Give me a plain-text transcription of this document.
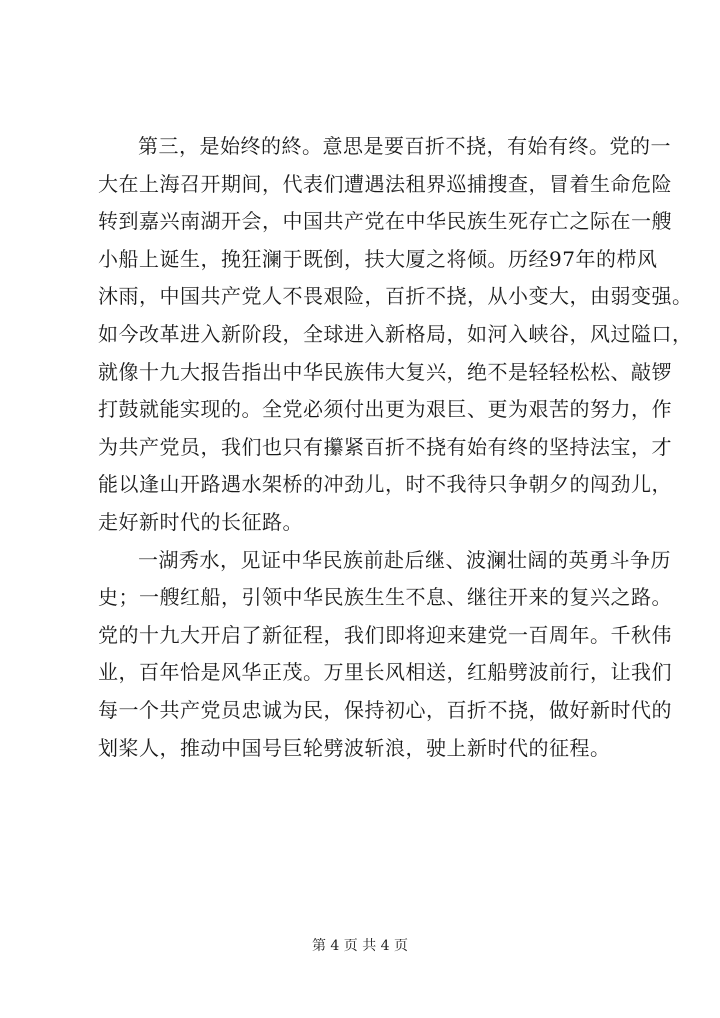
第三，是始终的終。意思是要百折不挠，有始有终。党的一
大在上海召开期间，代表们遭遇法租界巡捕搜查，冒着生命危险
转到嘉兴南湖开会，中国共产党在中华民族生死存亡之际在一艘
小船上诞生，挽狂澜于既倒，扶大厦之将倾。历经97年的栉风
沐雨，中国共产党人不畏艰险，百折不挠，从小变大，由弱变强。
如今改革进入新阶段，全球进入新格局，如河入峡谷，风过隘口，
就像十九大报告指出中华民族伟大复兴，绝不是轻轻松松、敲锣
打鼓就能实现的。全党必须付出更为艰巨、更为艰苦的努力，作
为共产党员，我们也只有攥紧百折不挠有始有终的坚持法宝，才
能以逢山开路遇水架桥的冲劲儿，时不我待只争朝夕的闯劲儿，
走好新时代的长征路。
一湖秀水，见证中华民族前赴后继、波澜壮阔的英勇斗争历
史；一艘红船，引领中华民族生生不息、继往开来的复兴之路。
党的十九大开启了新征程，我们即将迎来建党一百周年。千秋伟
业，百年恰是风华正茂。万里长风相送，红船劈波前行，让我们
每一个共产党员忠诚为民，保持初心，百折不挠，做好新时代的
划桨人，推动中国号巨轮劈波斩浪，驶上新时代的征程。
第 4 页 共 4 页
